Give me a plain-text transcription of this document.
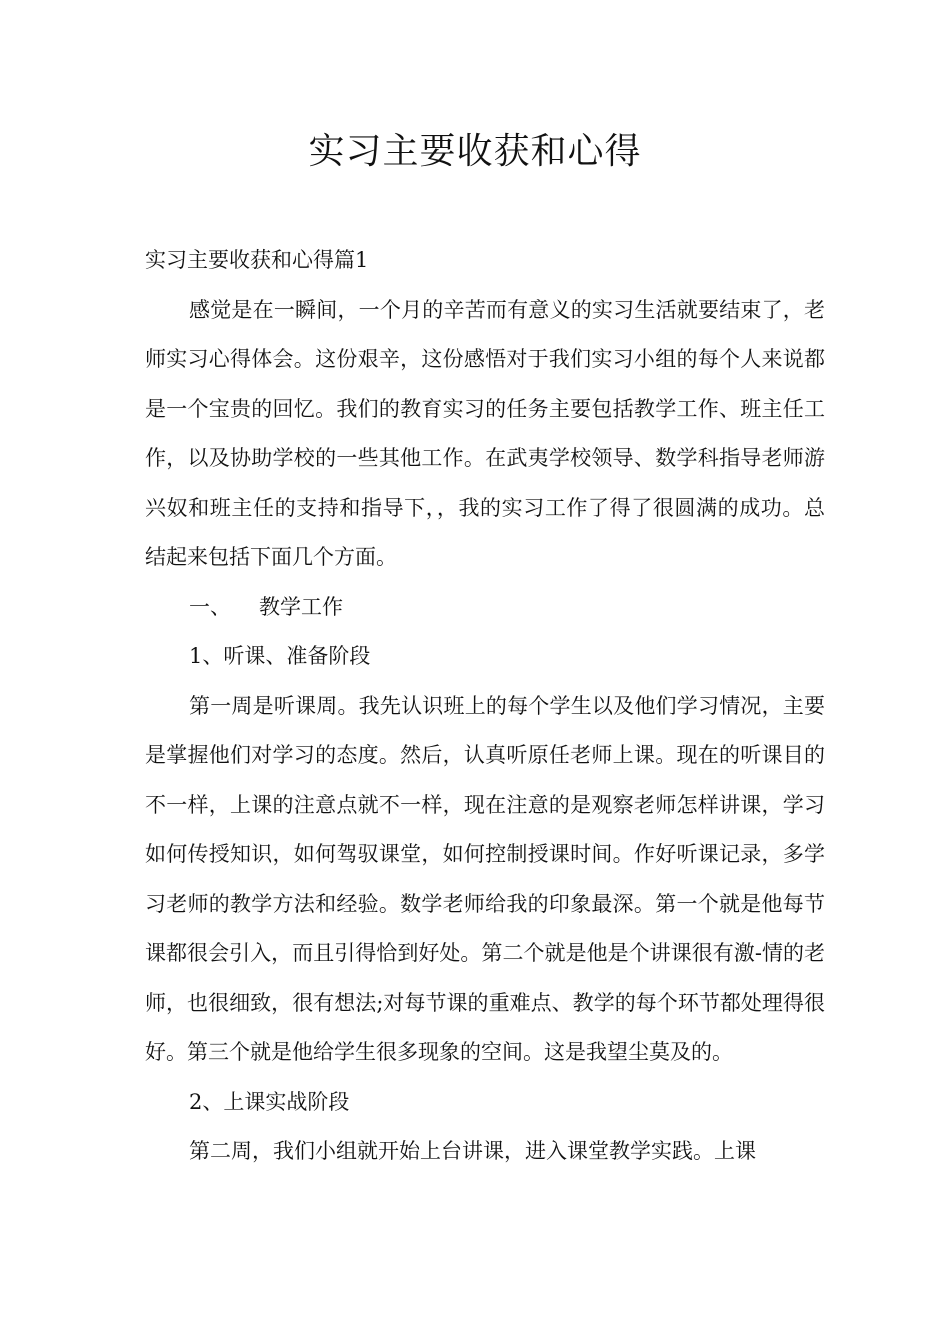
实习主要收获和心得

实习主要收获和心得篇1

感觉是在一瞬间，一个月的辛苦而有意义的实习生活就要结束了，老师实习心得体会。这份艰辛，这份感悟对于我们实习小组的每个人来说都是一个宝贵的回忆。我们的教育实习的任务主要包括教学工作、班主任工作，以及协助学校的一些其他工作。在武夷学校领导、数学科指导老师游兴奴和班主任的支持和指导下，，我的实习工作了得了很圆满的成功。总结起来包括下面几个方面。

一、 教学工作

1、听课、准备阶段

第一周是听课周。我先认识班上的每个学生以及他们学习情况，主要是掌握他们对学习的态度。然后，认真听原任老师上课。现在的听课目的不一样，上课的注意点就不一样，现在注意的是观察老师怎样讲课，学习如何传授知识，如何驾驭课堂，如何控制授课时间。作好听课记录，多学习老师的教学方法和经验。数学老师给我的印象最深。第一个就是他每节课都很会引入，而且引得恰到好处。第二个就是他是个讲课很有激-情的老师，也很细致，很有想法;对每节课的重难点、教学的每个环节都处理得很好。第三个就是他给学生很多现象的空间。这是我望尘莫及的。

2、上课实战阶段

第二周，我们小组就开始上台讲课，进入课堂教学实践。上课
